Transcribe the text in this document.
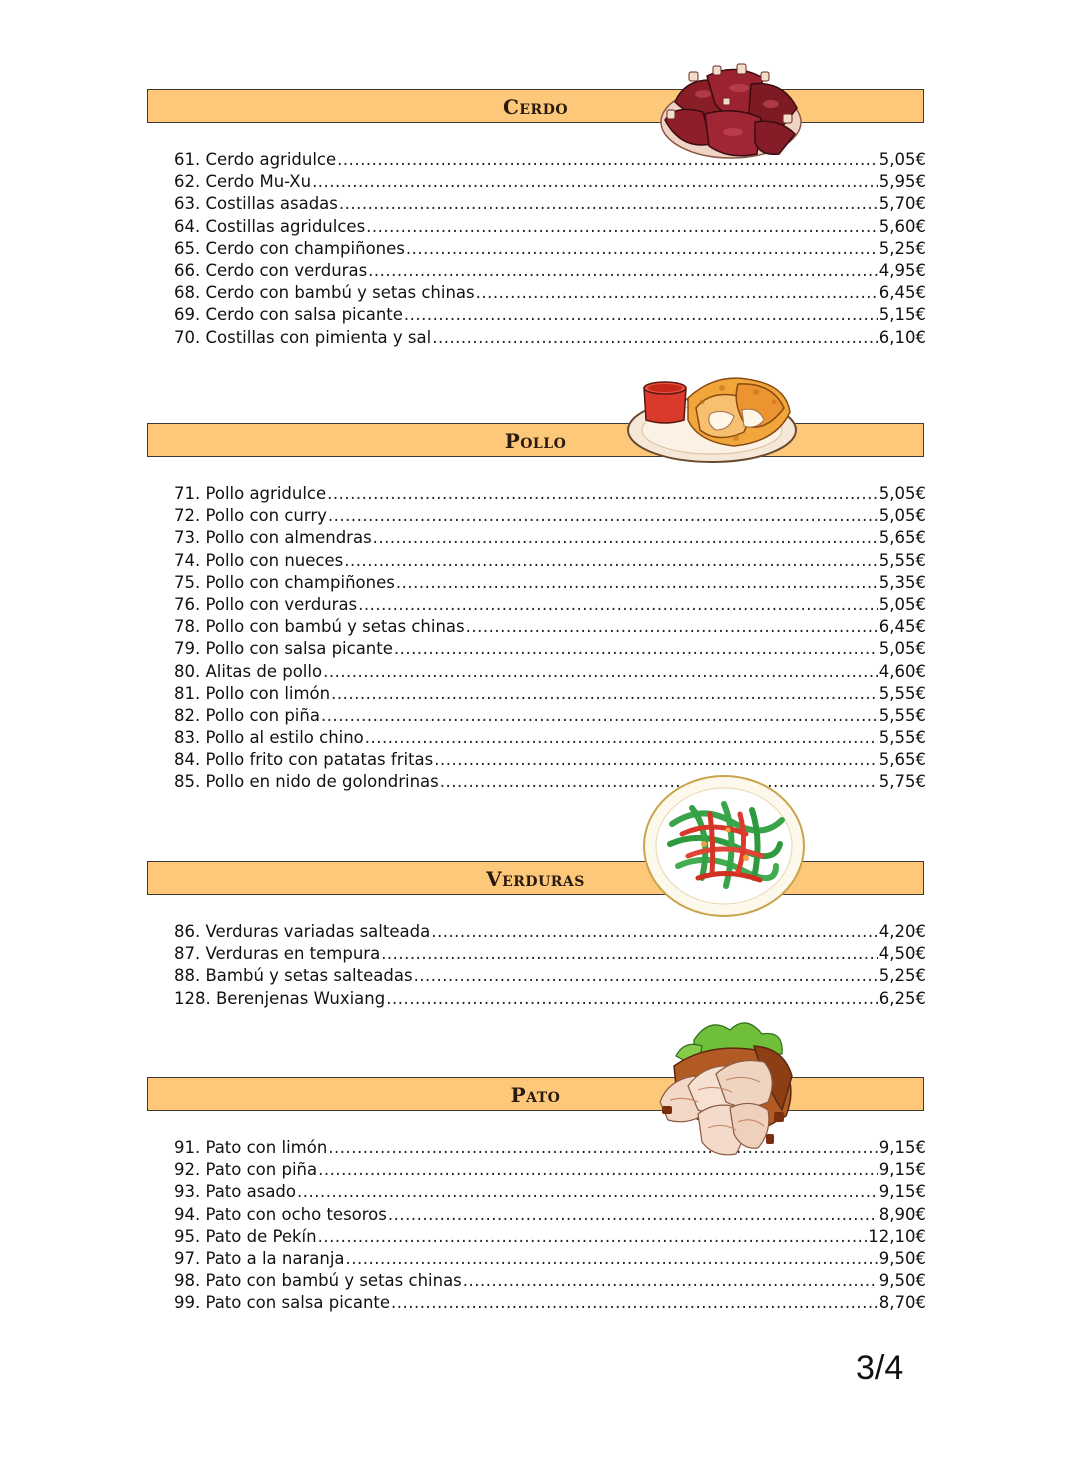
Cerdo
61. Cerdo agridulce .....	5,05€
62. Cerdo Mu-Xu .....	5,95€
63. Costillas asadas .....	5,70€
64. Costillas agridulces .....	5,60€
65. Cerdo con champiñones .....	5,25€
66. Cerdo con verduras .....	4,95€
68. Cerdo con bambú y setas chinas .....	6,45€
69. Cerdo con salsa picante .....	5,15€
70. Costillas con pimienta y sal .....	6,10€
Pollo
71. Pollo agridulce .....	5,05€
72. Pollo con curry .....	5,05€
73. Pollo con almendras .....	5,65€
74. Pollo con nueces .....	5,55€
75. Pollo con champiñones .....	5,35€
76. Pollo con verduras .....	5,05€
78. Pollo con bambú y setas chinas .....	6,45€
79. Pollo con salsa picante .....	5,05€
80. Alitas de pollo .....	4,60€
81. Pollo con limón .....	5,55€
82. Pollo con piña .....	5,55€
83. Pollo al estilo chino .....	5,55€
84. Pollo frito con patatas fritas .....	5,65€
85. Pollo en nido de golondrinas .....	5,75€
Verduras
86. Verduras variadas salteada .....	4,20€
87. Verduras en tempura .....	4,50€
88. Bambú y setas salteadas .....	5,25€
128. Berenjenas Wuxiang .....	6,25€
Pato
91. Pato con limón .....	9,15€
92. Pato con piña .....	9,15€
93. Pato asado .....	9,15€
94. Pato con ocho tesoros .....	8,90€
95. Pato de Pekín .....	12,10€
97. Pato a la naranja .....	9,50€
98. Pato con bambú y setas chinas .....	9,50€
99. Pato con salsa picante .....	8,70€
3/4
